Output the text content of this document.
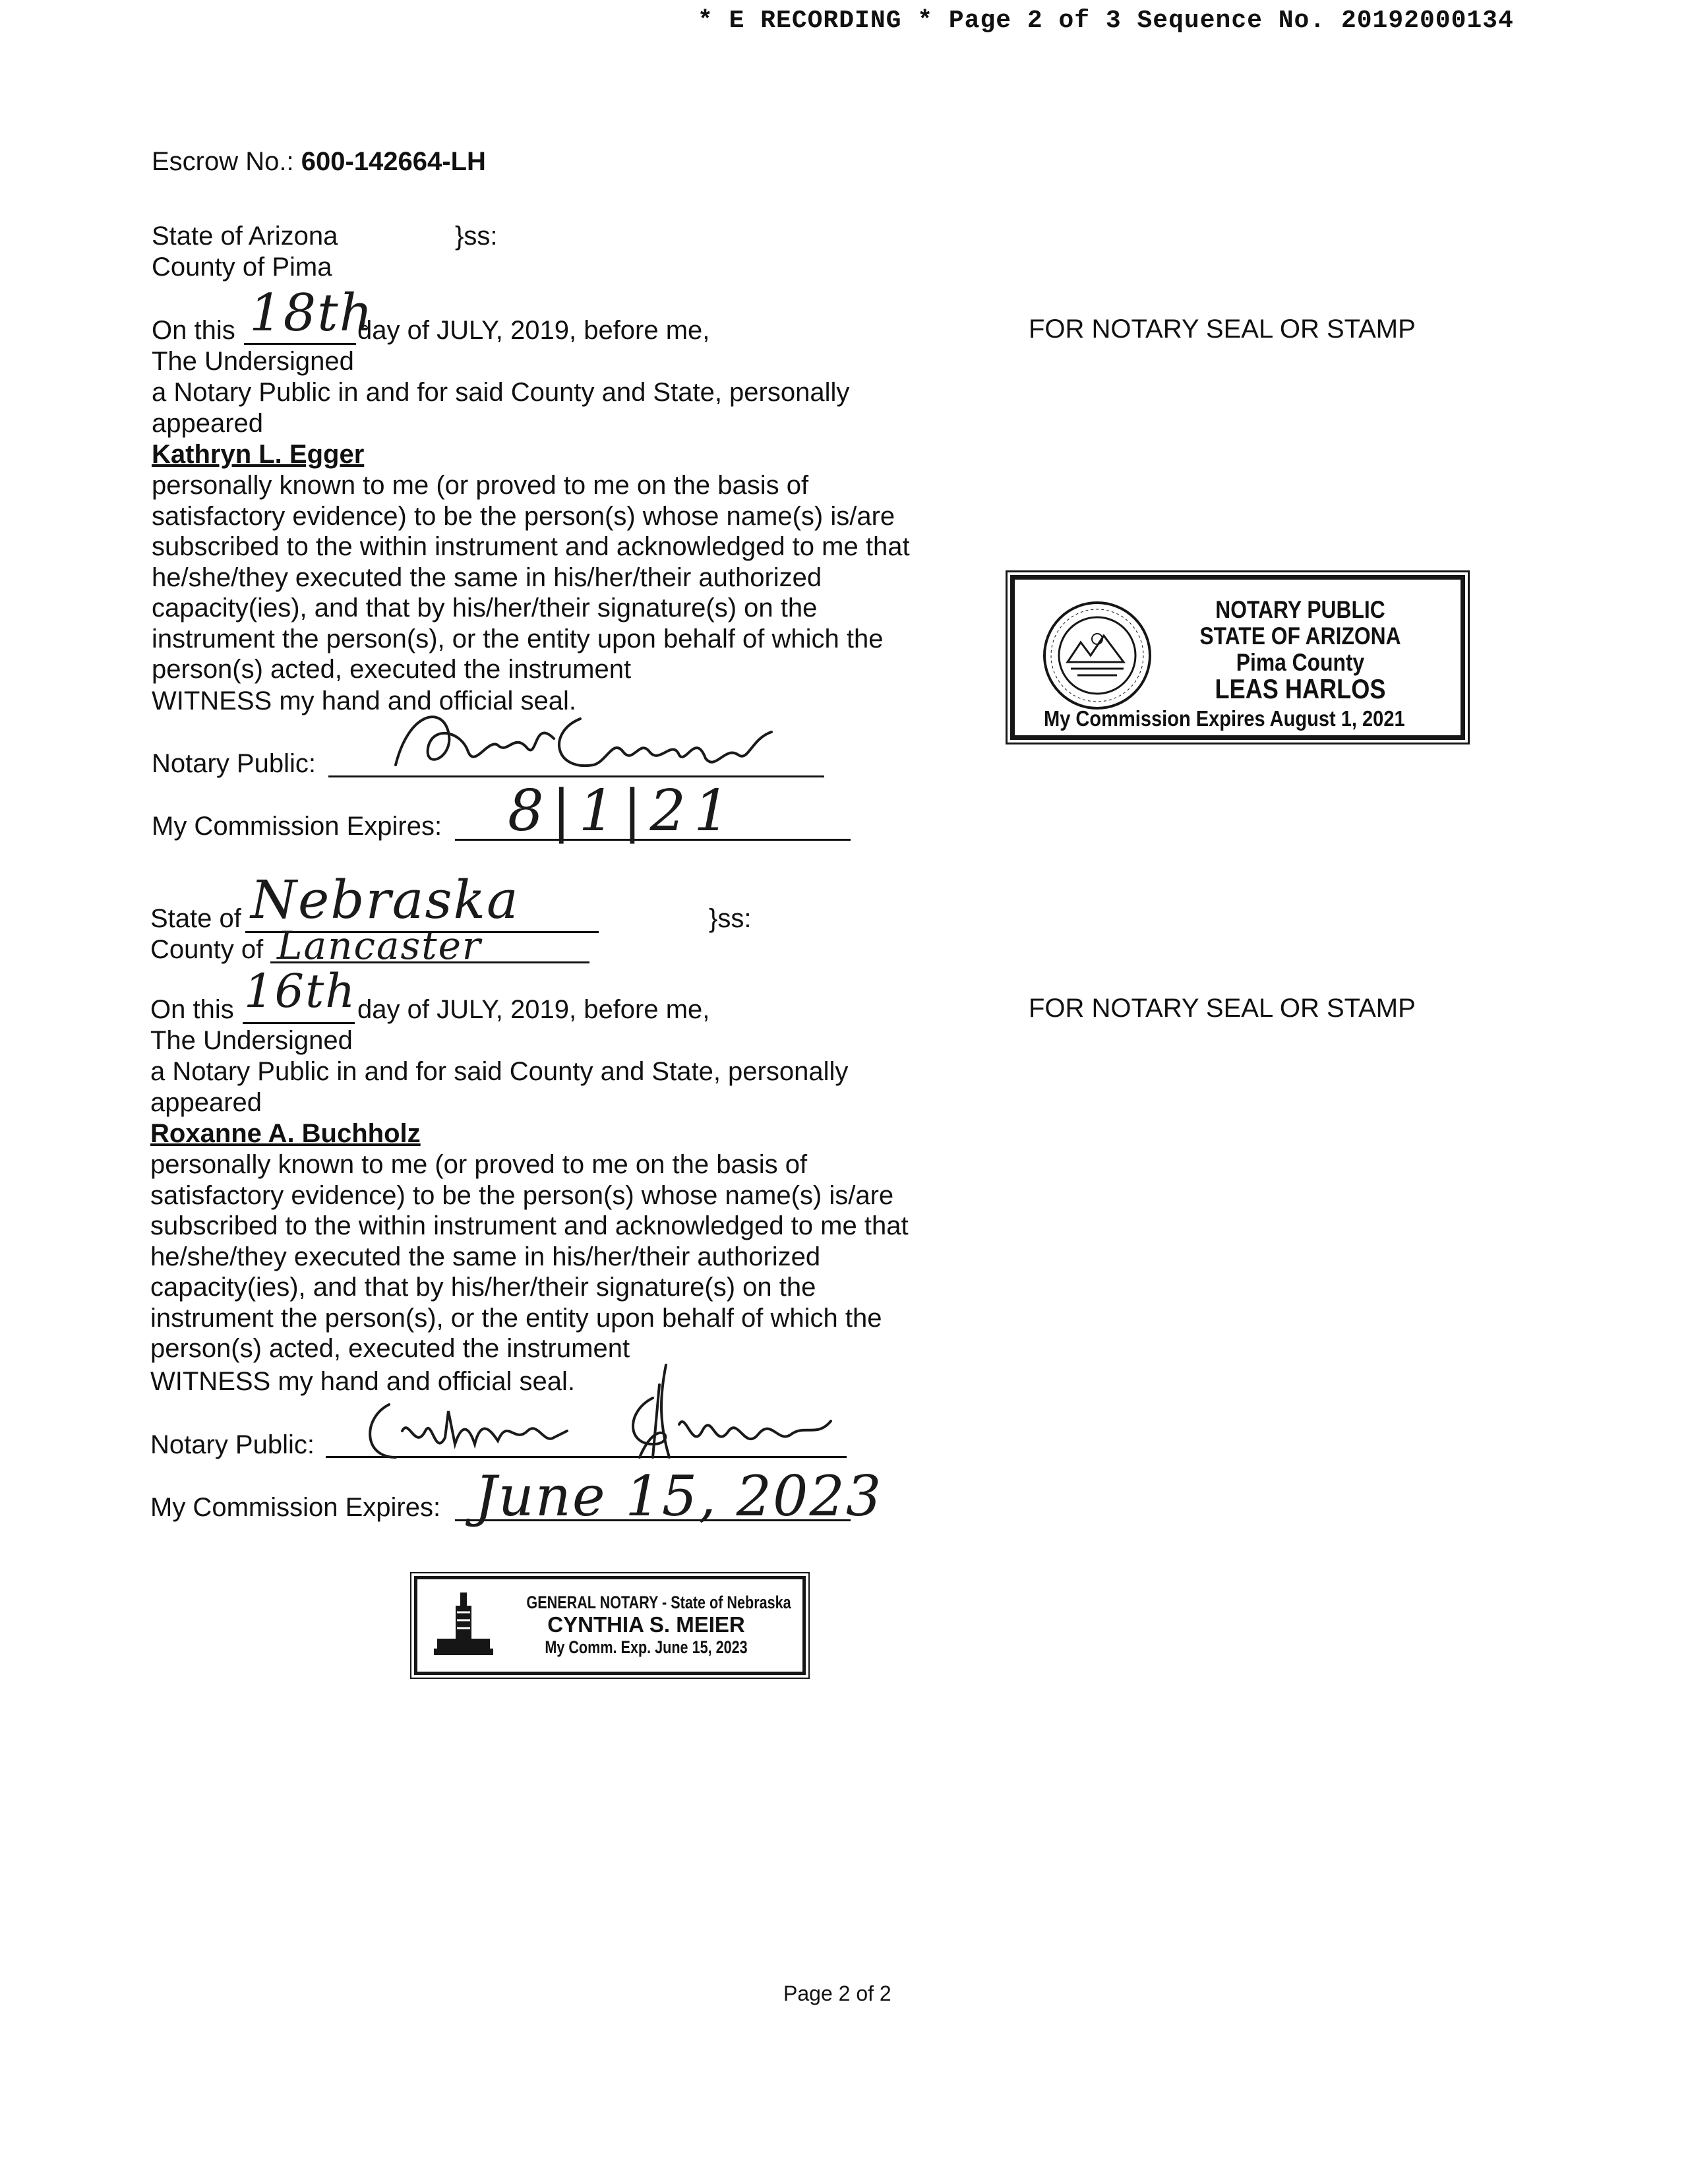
* E RECORDING * Page 2 of 3 Sequence No. 20192000134
Escrow No.: 600-142664-LH
State of Arizona	}ss:
County of Pima
On this 18th
day of JULY, 2019, before me,	FOR NOTARY SEAL OR STAMP
The Undersigned
a Notary Public in and for said County and State, personally
appeared
Kathryn L. Egger
personally known to me (or proved to me on the basis of
satisfactory evidence) to be the person(s) whose name(s) is/are
subscribed to the within instrument and acknowledged to me that
he/she/they executed the same in his/her/their authorized
capacity(ies), and that by his/her/their signature(s) on the
instrument the person(s), or the entity upon behalf of which the
person(s) acted, executed the instrument
WITNESS my hand and official seal.
Notary Public:
My Commission Expires: 8|1|21
NOTARY PUBLIC
STATE OF ARIZONA
Pima County
LEAS HARLOS
My Commission Expires August 1, 2021
State of Nebraska	}ss:
County of Lancaster
On this 16th day of JULY, 2019, before me,	FOR NOTARY SEAL OR STAMP
The Undersigned
a Notary Public in and for said County and State, personally
appeared
Roxanne A. Buchholz
personally known to me (or proved to me on the basis of
satisfactory evidence) to be the person(s) whose name(s) is/are
subscribed to the within instrument and acknowledged to me that
he/she/they executed the same in his/her/their authorized
capacity(ies), and that by his/her/their signature(s) on the
instrument the person(s), or the entity upon behalf of which the
person(s) acted, executed the instrument
WITNESS my hand and official seal.
Notary Public:
My Commission Expires: June 15, 2023
GENERAL NOTARY - State of Nebraska
CYNTHIA S. MEIER
My Comm. Exp. June 15, 2023
Page 2 of 2
